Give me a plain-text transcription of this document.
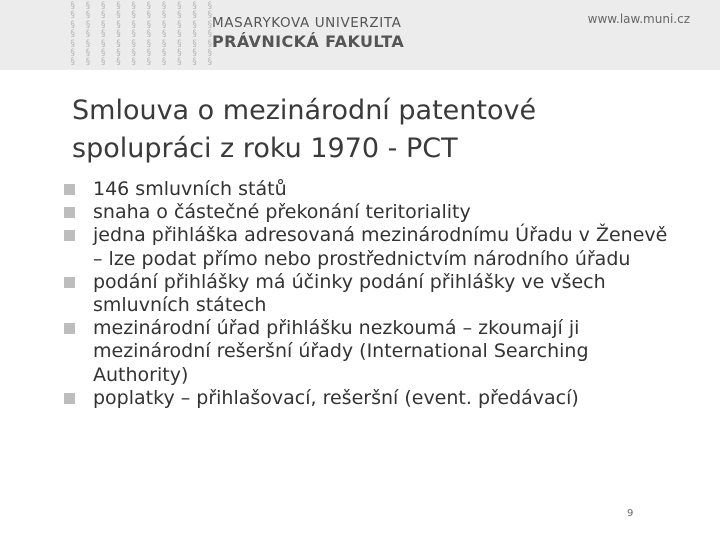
§ § § § § § § § § §
§ § § § § § § § § §
§ § § § § § § § § §
§ § § § § § § § § §
§ § § § § § § § § §
§ § § § § § § § § §
§ § § § § § § § § §
MASARYKOVA UNIVERZITA
PRÁVNICKÁ FAKULTA
www.law.muni.cz
Smlouva o mezinárodní patentové
spolupráci z roku 1970 - PCT
146 smluvních států
snaha o částečné překonání teritoriality
jedna přihláška adresovaná mezinárodnímu Úřadu v Ženevě – lze podat přímo nebo prostřednictvím národního úřadu
podání přihlášky má účinky podání přihlášky ve všech smluvních státech
mezinárodní úřad přihlášku nezkoumá – zkoumají ji mezinárodní rešeršní úřady (International Searching Authority)
poplatky – přihlašovací, rešeršní (event. předávací)
9
